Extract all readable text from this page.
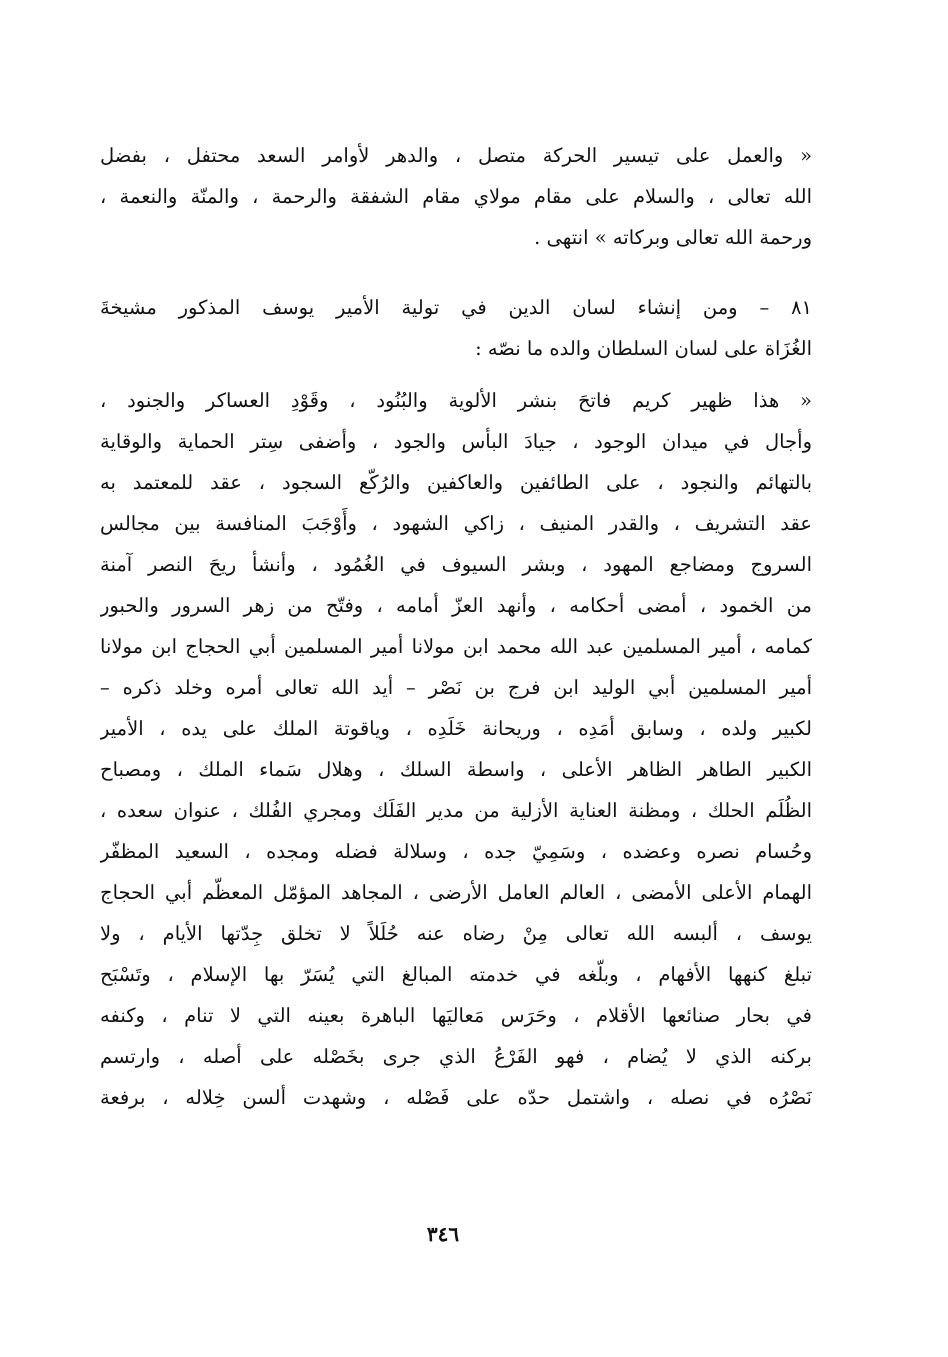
« والعمل على تيسير الحركة متصل ، والدهر لأوامر السعد محتفل ، بفضل
الله تعالى ، والسلام على مقام مولاي مقام الشفقة والرحمة ، والمنّة والنعمة ،
ورحمة الله تعالى وبركاته » انتهى .
٨١ – ومن إنشاء لسان الدين في تولية الأمير يوسف المذكور مشيخةَ
الغُزَاة على لسان السلطان والده ما نصّه :
« هذا ظهير كريم فاتحَ بنشر الألوية والبُنُود ، وقَوْدِ العساكر والجنود ،
وأجال في ميدان الوجود ، جيادَ البأس والجود ، وأضفى سِتر الحماية والوقاية
بالتهائم والنجود ، على الطائفين والعاكفين والرُكّع السجود ، عقد للمعتمد به
عقد التشريف ، والقدر المنيف ، زاكي الشهود ، وأَوْجَبَ المنافسة بين مجالس
السروج ومضاجع المهود ، وبشر السيوف في الغُمُود ، وأنشأ ريحَ النصر آمنة
من الخمود ، أمضى أحكامه ، وأنهد العزّ أمامه ، وفتّح من زهر السرور والحبور
كمامه ، أمير المسلمين عبد الله محمد ابن مولانا أمير المسلمين أبي الحجاج ابن مولانا
أمير المسلمين أبي الوليد ابن فرج بن نَصْر – أيد الله تعالى أمره وخلد ذكره –
لكبير ولده ، وسابق أمَدِه ، وريحانة خَلَدِه ، وياقوتة الملك على يده ، الأمير
الكبير الطاهر الظاهر الأعلى ، واسطة السلك ، وهلال سَماء الملك ، ومصباح
الظُلَم الحلك ، ومظنة العناية الأزلية من مدير الفَلَك ومجري الفُلك ، عنوان سعده ،
وحُسام نصره وعضده ، وسَمِيّ جده ، وسلالة فضله ومجده ، السعيد المظفّر
الهمام الأعلى الأمضى ، العالم العامل الأرضى ، المجاهد المؤمّل المعظّم أبي الحجاج
يوسف ، ألبسه الله تعالى مِنْ رضاه عنه حُلَلاً لا تخلق جِدّتها الأيام ، ولا
تبلغ كنهها الأفهام ، وبلّغه في خدمته المبالغ التي يُسَرّ بها الإسلام ، وتَسْبَح
في بحار صنائعها الأقلام ، وحَرَس مَعاليَها الباهرة بعينه التي لا تنام ، وكنفه
بركنه الذي لا يُضام ، فهو الفَرْعُ الذي جرى بخَصْله على أصله ، وارتسم
نَصْرُه في نصله ، واشتمل حدّه على فَصْله ، وشهدت ألسن خِلاله ، برفعة
٣٤٦
